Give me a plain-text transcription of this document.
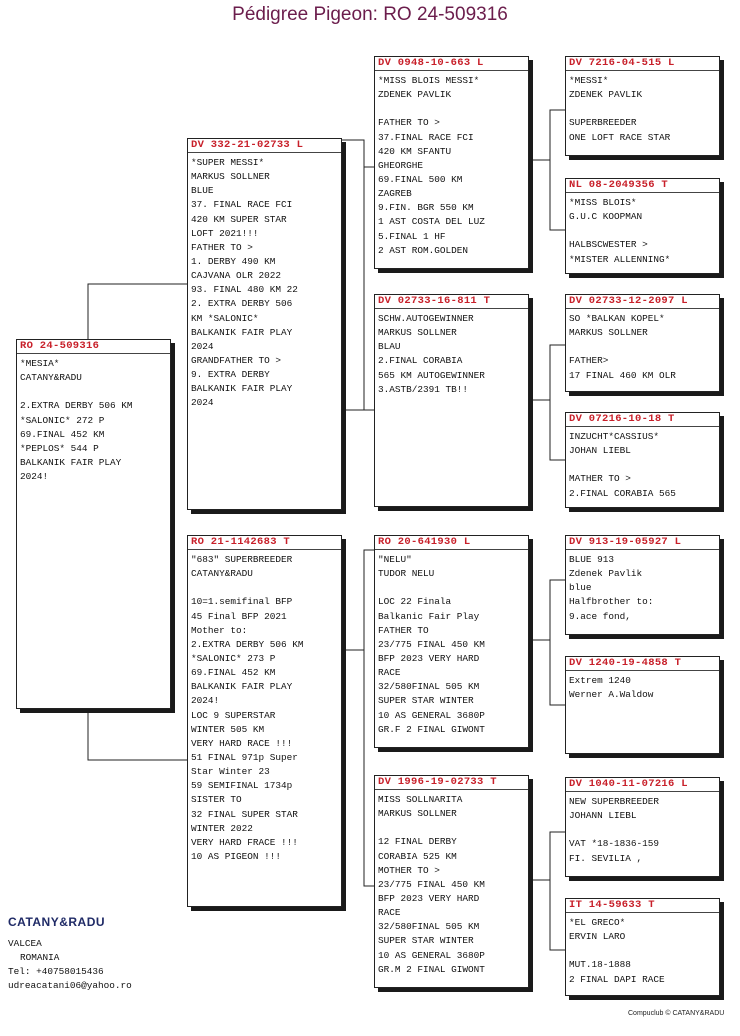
Pédigree Pigeon: RO 24-509316
RO 24-509316
*MESIA*
CATANY&RADU
2.EXTRA DERBY 506 KM
*SALONIC* 272 P
69.FINAL 452 KM
*PEPLOS* 544 P
BALKANIK FAIR PLAY
2024!
DV 332-21-02733 L
*SUPER MESSI*
MARKUS SOLLNER
BLUE
37. FINAL RACE FCI
420 KM SUPER STAR
LOFT 2021!!!
FATHER TO >
1. DERBY 490 KM
CAJVANA OLR 2022
93. FINAL 480 KM 22
2. EXTRA DERBY 506
KM *SALONIC*
BALKANIK FAIR PLAY
2024
GRANDFATHER TO >
9. EXTRA DERBY
BALKANIK FAIR PLAY
2024
RO 21-1142683 T
"683" SUPERBREEDER
CATANY&RADU
10=1.semifinal BFP
45 Final BFP 2021
Mother to:
2.EXTRA DERBY 506 KM
*SALONIC* 273 P
69.FINAL 452 KM
BALKANIK FAIR PLAY
2024!
LOC 9 SUPERSTAR
WINTER 505 KM
VERY HARD RACE !!!
51 FINAL 971p Super
Star Winter 23
59 SEMIFINAL 1734p
SISTER TO
32 FINAL SUPER STAR
WINTER 2022
VERY HARD FRACE !!!
10 AS PIGEON !!!
DV 0948-10-663 L
*MISS BLOIS MESSI*
ZDENEK PAVLIK
FATHER TO >
37.FINAL RACE FCI
420 KM SFANTU
GHEORGHE
69.FINAL 500 KM
ZAGREB
9.FIN. BGR 550 KM
1 AST COSTA DEL LUZ
5.FINAL 1 HF
2 AST ROM.GOLDEN
DV 02733-16-811 T
SCHW.AUTOGEWINNER
MARKUS SOLLNER
BLAU
2.FINAL CORABIA
565 KM AUTOGEWINNER
3.ASTB/2391 TB!!
RO 20-641930 L
"NELU"
TUDOR NELU
LOC 22 Finala
Balkanic Fair Play
FATHER TO
23/775 FINAL 450 KM
BFP 2023 VERY HARD
RACE
32/580FINAL 505 KM
SUPER STAR WINTER
10 AS GENERAL 3680P
GR.F 2 FINAL GIWONT
DV 1996-19-02733 T
MISS SOLLNARITA
MARKUS SOLLNER
12 FINAL DERBY
CORABIA 525 KM
MOTHER TO >
23/775 FINAL 450 KM
BFP 2023 VERY HARD
RACE
32/580FINAL 505 KM
SUPER STAR WINTER
10 AS GENERAL 3680P
GR.M 2 FINAL GIWONT
DV 7216-04-515 L
*MESSI*
ZDENEK PAVLIK
SUPERBREEDER
ONE LOFT RACE STAR
NL 08-2049356 T
*MISS BLOIS*
G.U.C KOOPMAN
HALBSCWESTER >
*MISTER ALLENNING*
DV 02733-12-2097 L
SO *BALKAN KOPEL*
MARKUS SOLLNER
FATHER>
17 FINAL 460 KM OLR
DV 07216-10-18 T
INZUCHT*CASSIUS*
JOHAN LIEBL
MATHER TO >
2.FINAL CORABIA 565
DV 913-19-05927 L
BLUE 913
Zdenek Pavlik
blue
Halfbrother to:
9.ace fond,
DV 1240-19-4858 T
Extrem 1240
Werner A.Waldow
DV 1040-11-07216 L
NEW SUPERBREEDER
JOHANN LIEBL
VAT *18-1836-159
FI. SEVILIA ,
IT 14-59633 T
*EL GRECO*
ERVIN LARO
MUT.18-1888
2 FINAL DAPI RACE
CATANY&RADU
VALCEA
ROMANIA
Tel: +40758015436
udreacatani06@yahoo.ro
Compuclub © CATANY&RADU
